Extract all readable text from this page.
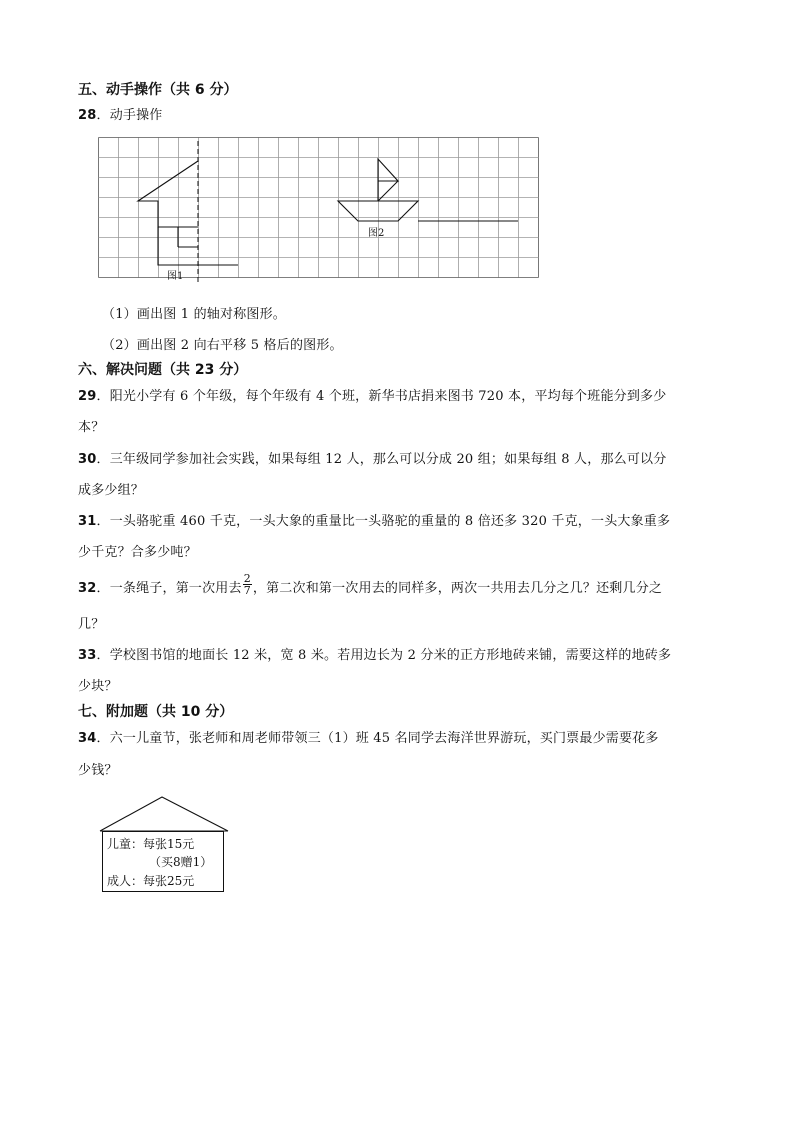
五、动手操作（共 6 分）
28．动手操作
图1
图2
（1）画出图 1 的轴对称图形。
（2）画出图 2 向右平移 5 格后的图形。
六、解决问题（共 23 分）
29．阳光小学有 6 个年级，每个年级有 4 个班，新华书店捐来图书 720 本，平均每个班能分到多少
本？
30．三年级同学参加社会实践，如果每组 12 人，那么可以分成 20 组；如果每组 8 人，那么可以分
成多少组？
31．一头骆驼重 460 千克，一头大象的重量比一头骆驼的重量的 8 倍还多 320 千克，一头大象重多
少千克？合多少吨？
32．一条绳子，第一次用去 $\frac{2}{7}$ ，第二次和第一次用去的同样多，两次一共用去几分之几？还剩几分之
几？
33．学校图书馆的地面长 12 米，宽 8 米。若用边长为 2 分米的正方形地砖来铺，需要这样的地砖多
少块？
七、附加题（共 10 分）
34．六一儿童节，张老师和周老师带领三（1）班 45 名同学去海洋世界游玩，买门票最少需要花多
少钱？
儿童：每张15元
（买8赠1）
成人：每张25元
